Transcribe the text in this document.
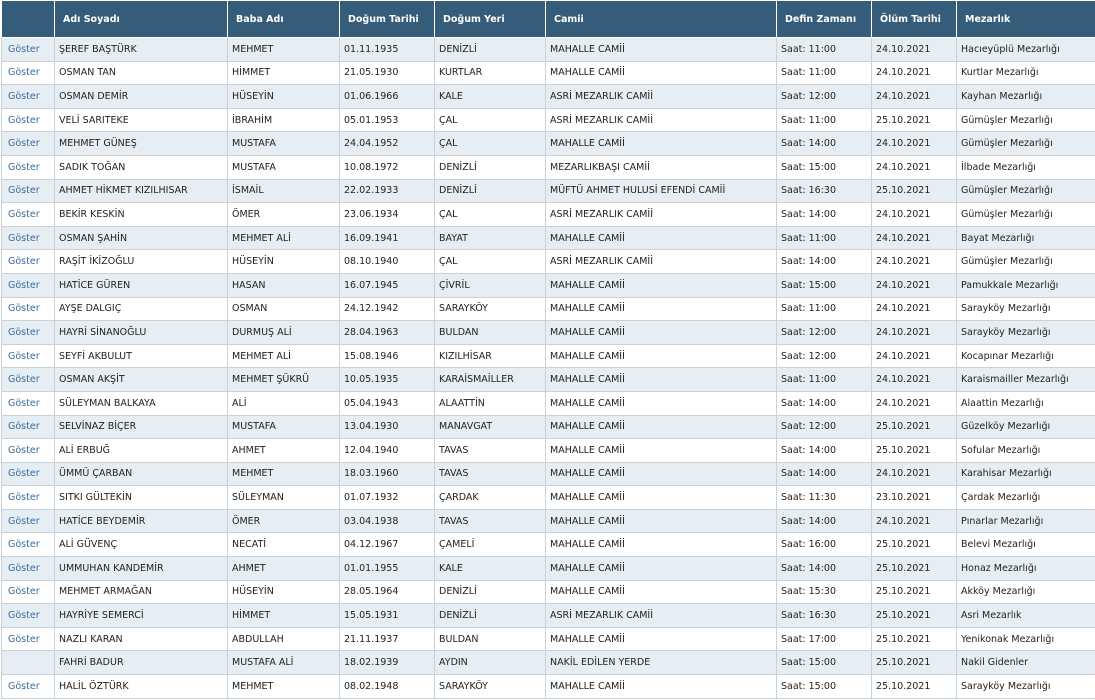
	Adı Soyadı	Baba Adı	Doğum Tarihi	Doğum Yeri	Camii	Defin Zamanı	Ölüm Tarihi	Mezarlık
Göster	ŞEREF BAŞTÜRK	MEHMET	01.11.1935	DENİZLİ	MAHALLE CAMİİ	Saat: 11:00	24.10.2021	Hacıeyüplü Mezarlığı
Göster	OSMAN TAN	HİMMET	21.05.1930	KURTLAR	MAHALLE CAMİİ	Saat: 11:00	24.10.2021	Kurtlar Mezarlığı
Göster	OSMAN DEMİR	HÜSEYİN	01.06.1966	KALE	ASRİ MEZARLIK CAMİİ	Saat: 12:00	24.10.2021	Kayhan Mezarlığı
Göster	VELİ SARITEKE	İBRAHİM	05.01.1953	ÇAL	ASRİ MEZARLIK CAMİİ	Saat: 11:00	25.10.2021	Gümüşler Mezarlığı
Göster	MEHMET GÜNEŞ	MUSTAFA	24.04.1952	ÇAL	MAHALLE CAMİİ	Saat: 14:00	24.10.2021	Gümüşler Mezarlığı
Göster	SADIK TOĞAN	MUSTAFA	10.08.1972	DENİZLİ	MEZARLIKBAŞI CAMİİ	Saat: 15:00	24.10.2021	İlbade Mezarlığı
Göster	AHMET HİKMET KIZILHISAR	İSMAİL	22.02.1933	DENİZLİ	MÜFTÜ AHMET HULUSİ EFENDİ CAMİİ	Saat: 16:30	25.10.2021	Gümüşler Mezarlığı
Göster	BEKİR KESKİN	ÖMER	23.06.1934	ÇAL	ASRİ MEZARLIK CAMİİ	Saat: 14:00	24.10.2021	Gümüşler Mezarlığı
Göster	OSMAN ŞAHİN	MEHMET ALİ	16.09.1941	BAYAT	MAHALLE CAMİİ	Saat: 11:00	24.10.2021	Bayat Mezarlığı
Göster	RAŞİT İKİZOĞLU	HÜSEYİN	08.10.1940	ÇAL	ASRİ MEZARLIK CAMİİ	Saat: 14:00	24.10.2021	Gümüşler Mezarlığı
Göster	HATİCE GÜREN	HASAN	16.07.1945	ÇİVRİL	MAHALLE CAMİİ	Saat: 15:00	24.10.2021	Pamukkale Mezarlığı
Göster	AYŞE DALGIÇ	OSMAN	24.12.1942	SARAYKÖY	MAHALLE CAMİİ	Saat: 11:00	24.10.2021	Sarayköy Mezarlığı
Göster	HAYRİ SİNANOĞLU	DURMUŞ ALİ	28.04.1963	BULDAN	MAHALLE CAMİİ	Saat: 12:00	24.10.2021	Sarayköy Mezarlığı
Göster	SEYFİ AKBULUT	MEHMET ALİ	15.08.1946	KIZILHİSAR	MAHALLE CAMİİ	Saat: 12:00	24.10.2021	Kocapınar Mezarlığı
Göster	OSMAN AKŞİT	MEHMET ŞÜKRÜ	10.05.1935	KARAİSMAİLLER	MAHALLE CAMİİ	Saat: 11:00	24.10.2021	Karaismailler Mezarlığı
Göster	SÜLEYMAN BALKAYA	ALİ	05.04.1943	ALAATTİN	MAHALLE CAMİİ	Saat: 14:00	24.10.2021	Alaattin Mezarlığı
Göster	SELVİNAZ BİÇER	MUSTAFA	13.04.1930	MANAVGAT	MAHALLE CAMİİ	Saat: 12:00	25.10.2021	Güzelköy Mezarlığı
Göster	ALİ ERBUĞ	AHMET	12.04.1940	TAVAS	MAHALLE CAMİİ	Saat: 14:00	25.10.2021	Sofular Mezarlığı
Göster	ÜMMÜ ÇARBAN	MEHMET	18.03.1960	TAVAS	MAHALLE CAMİİ	Saat: 14:00	24.10.2021	Karahisar Mezarlığı
Göster	SITKI GÜLTEKİN	SÜLEYMAN	01.07.1932	ÇARDAK	MAHALLE CAMİİ	Saat: 11:30	23.10.2021	Çardak Mezarlığı
Göster	HATİCE BEYDEMİR	ÖMER	03.04.1938	TAVAS	MAHALLE CAMİİ	Saat: 14:00	24.10.2021	Pınarlar Mezarlığı
Göster	ALİ GÜVENÇ	NECATİ	04.12.1967	ÇAMELİ	MAHALLE CAMİİ	Saat: 16:00	25.10.2021	Belevi Mezarlığı
Göster	UMMUHAN KANDEMİR	AHMET	01.01.1955	KALE	MAHALLE CAMİİ	Saat: 14:00	25.10.2021	Honaz Mezarlığı
Göster	MEHMET ARMAĞAN	HÜSEYİN	28.05.1964	DENİZLİ	MAHALLE CAMİİ	Saat: 15:30	25.10.2021	Akköy Mezarlığı
Göster	HAYRİYE SEMERCİ	HİMMET	15.05.1931	DENİZLİ	ASRİ MEZARLIK CAMİİ	Saat: 16:30	25.10.2021	Asri Mezarlık
Göster	NAZLI KARAN	ABDULLAH	21.11.1937	BULDAN	MAHALLE CAMİİ	Saat: 17:00	25.10.2021	Yenikonak Mezarlığı
	FAHRİ BADUR	MUSTAFA ALİ	18.02.1939	AYDIN	NAKİL EDİLEN YERDE	Saat: 15:00	25.10.2021	Nakil Gidenler
Göster	HALİL ÖZTÜRK	MEHMET	08.02.1948	SARAYKÖY	MAHALLE CAMİİ	Saat: 15:00	25.10.2021	Sarayköy Mezarlığı
